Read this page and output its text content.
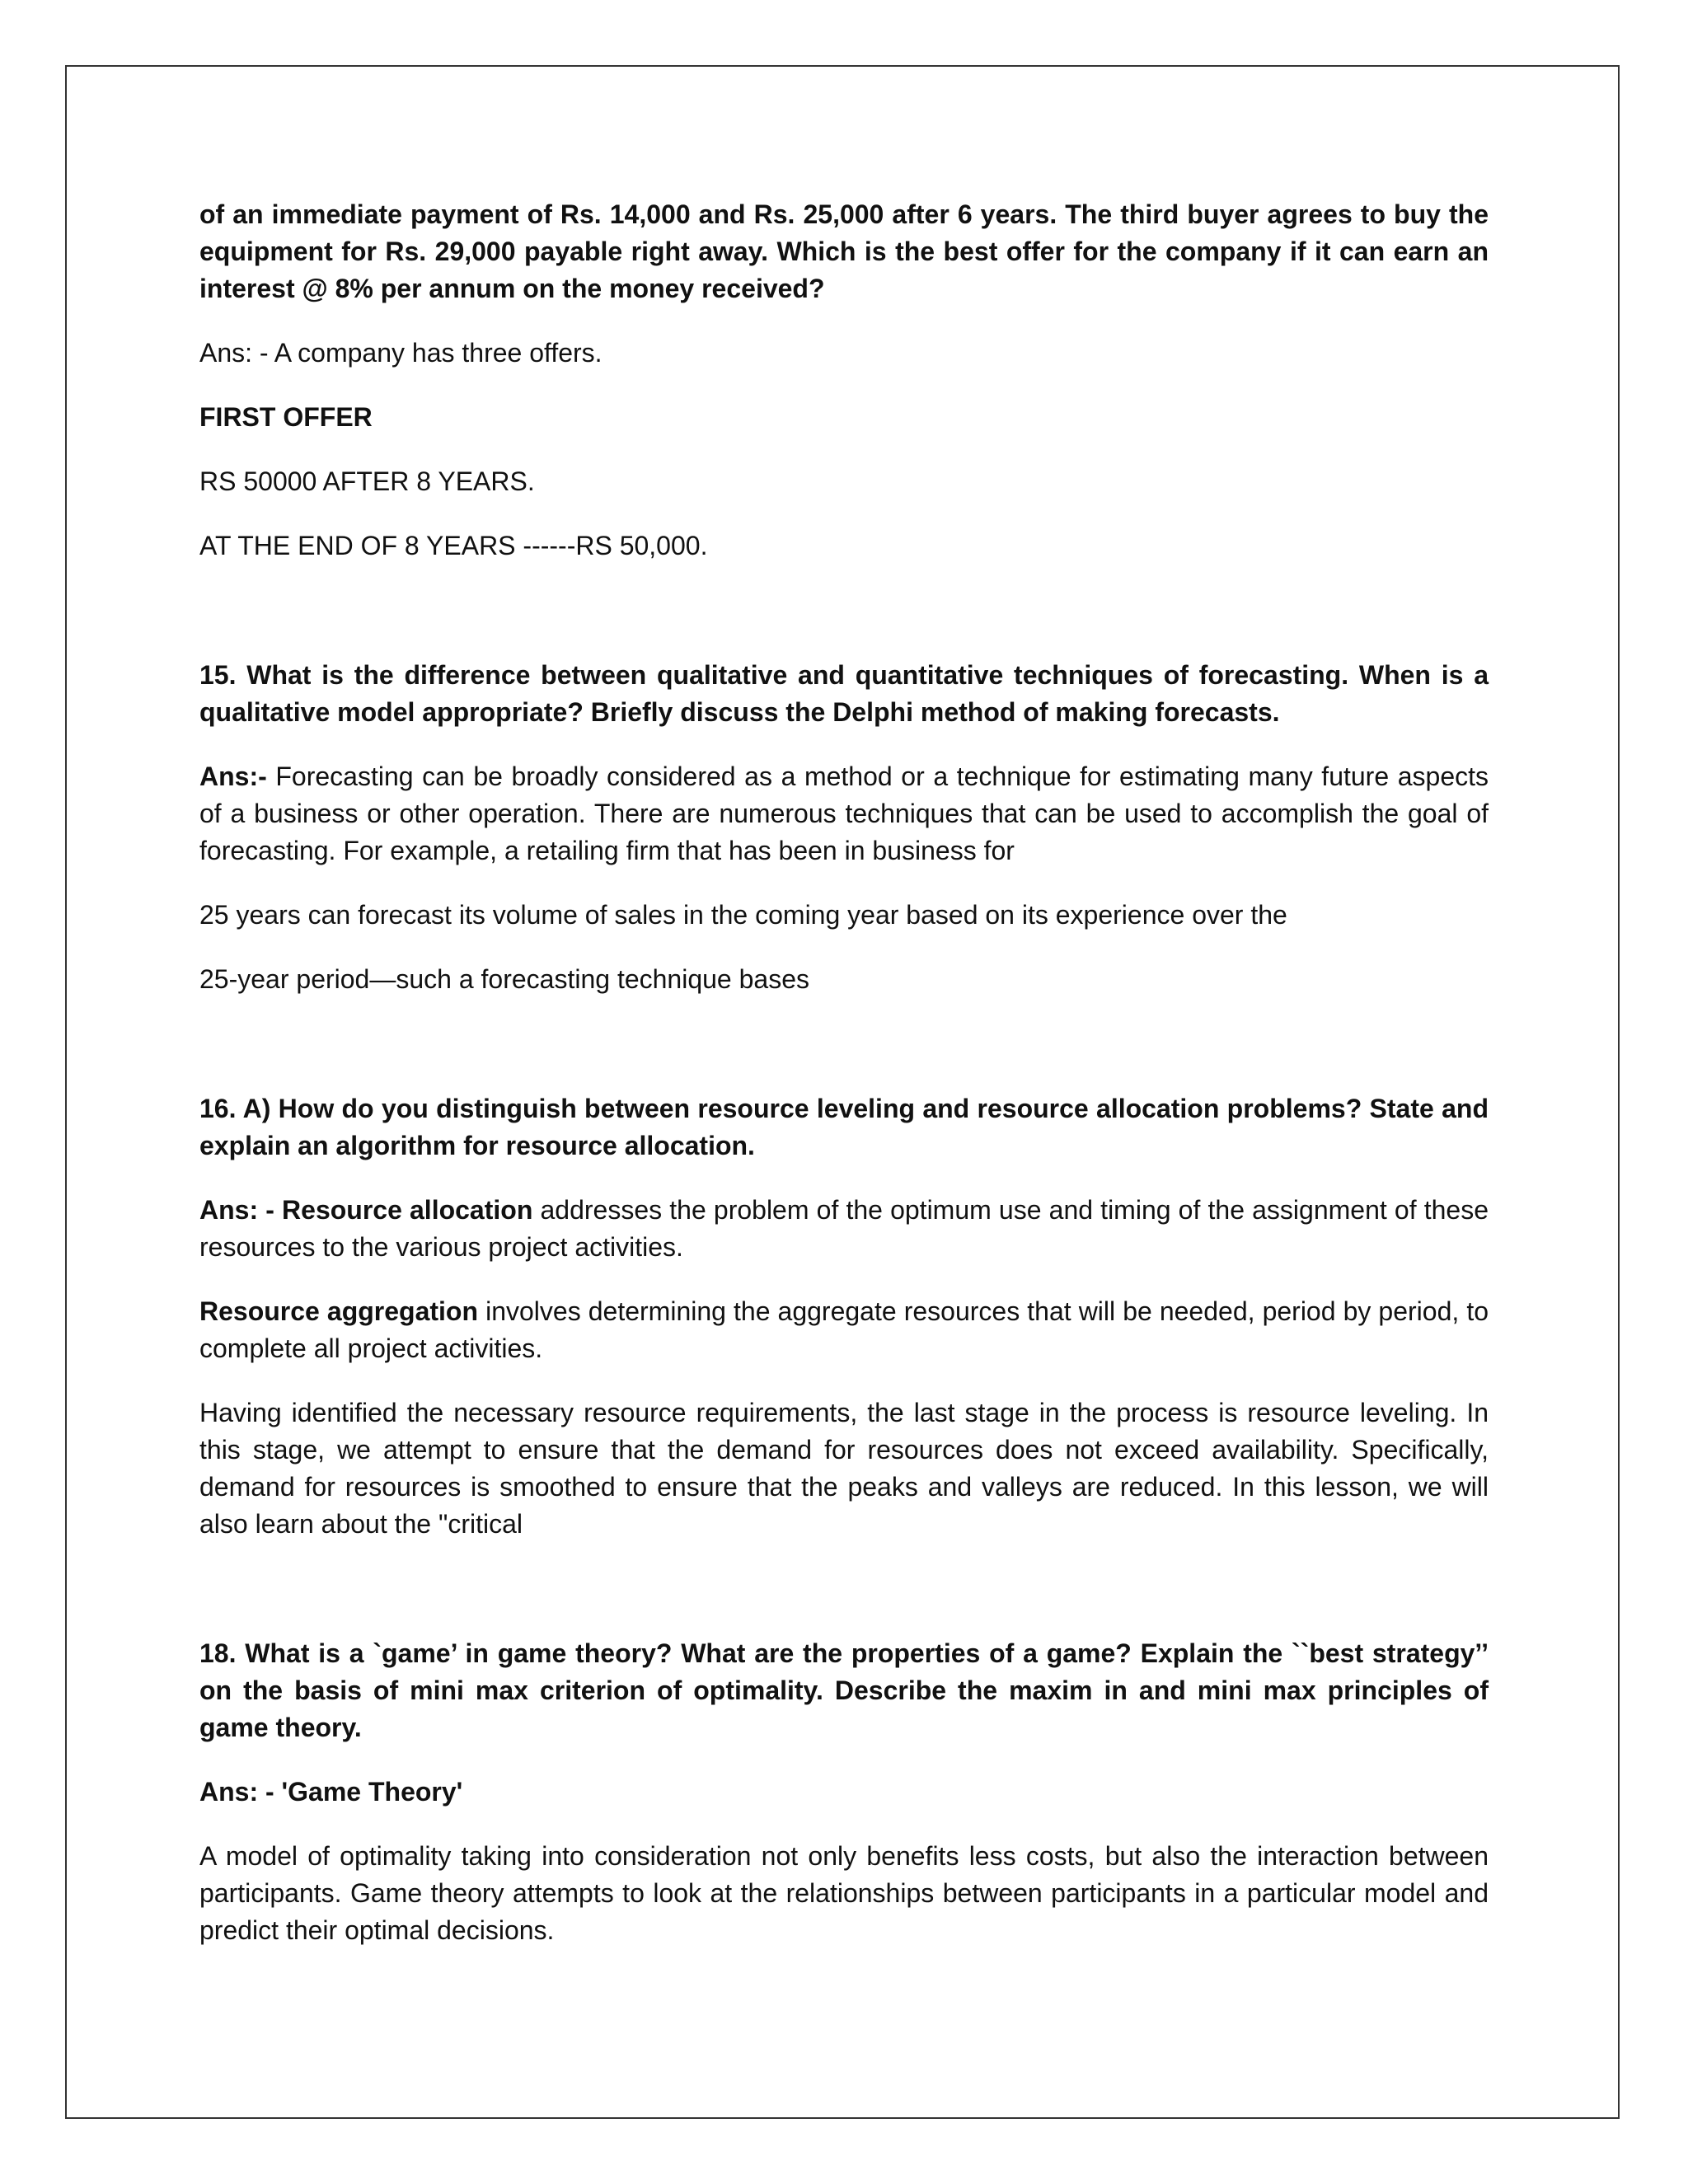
of an immediate payment of Rs. 14,000 and Rs. 25,000 after 6 years. The third buyer agrees to buy the equipment for Rs. 29,000 payable right away. Which is the best offer for the company if it can earn an interest @ 8% per annum on the money received?

Ans: - A company has three offers.

FIRST OFFER

RS 50000 AFTER 8 YEARS.

AT THE END OF 8 YEARS ------RS 50,000.

15. What is the difference between qualitative and quantitative techniques of forecasting. When is a qualitative model appropriate? Briefly discuss the Delphi method of making forecasts.

Ans:- Forecasting can be broadly considered as a method or a technique for estimating many future aspects of a business or other operation. There are numerous techniques that can be used to accomplish the goal of forecasting. For example, a retailing firm that has been in business for

25 years can forecast its volume of sales in the coming year based on its experience over the

25-year period—such a forecasting technique bases

16. A) How do you distinguish between resource leveling and resource allocation problems? State and explain an algorithm for resource allocation.

Ans: - Resource allocation addresses the problem of the optimum use and timing of the assignment of these resources to the various project activities.

Resource aggregation involves determining the aggregate resources that will be needed, period by period, to complete all project activities.

Having identified the necessary resource requirements, the last stage in the process is resource leveling. In this stage, we attempt to ensure that the demand for resources does not exceed availability. Specifically, demand for resources is smoothed to ensure that the peaks and valleys are reduced. In this lesson, we will also learn about the "critical

18. What is a `game’ in game theory? What are the properties of a game? Explain the ``best strategy’’ on the basis of mini max criterion of optimality. Describe the maxim in and mini max principles of game theory.

Ans: - 'Game Theory'

A model of optimality taking into consideration not only benefits less costs, but also the interaction between participants. Game theory attempts to look at the relationships between participants in a particular model and predict their optimal decisions.
